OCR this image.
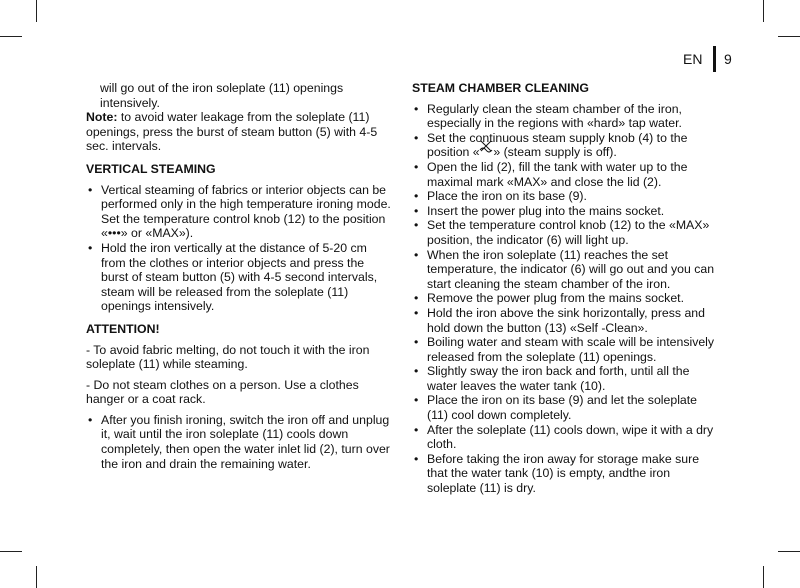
EN 9

will go out of the iron soleplate (11) openings intensively.

Note: to avoid water leakage from the soleplate (11) openings, press the burst of steam button (5) with 4-5 sec. intervals.

VERTICAL STEAMING

• Vertical steaming of fabrics or interior objects can be performed only in the high temperature ironing mode. Set the temperature control knob (12) to the position «•••» or «MAX»).
• Hold the iron vertically at the distance of 5-20 cm from the clothes or interior objects and press the burst of steam button (5) with 4-5 second intervals, steam will be released from the soleplate (11) openings intensively.

ATTENTION!

- To avoid fabric melting, do not touch it with the iron soleplate (11) while steaming.

- Do not steam clothes on a person. Use a clothes hanger or a coat rack.

• After you finish ironing, switch the iron off and unplug it, wait until the iron soleplate (11) cools down completely, then open the water inlet lid (2), turn over the iron and drain the remaining water.

STEAM CHAMBER CLEANING

• Regularly clean the steam chamber of the iron, especially in the regions with «hard» tap water.
• Set the continuous steam supply knob (4) to the position « » (steam supply is off).
• Open the lid (2), fill the tank with water up to the maximal mark «MAX» and close the lid (2).
• Place the iron on its base (9).
• Insert the power plug into the mains socket.
• Set the temperature control knob (12) to the «MAX» position, the indicator (6) will light up.
• When the iron soleplate (11) reaches the set temperature, the indicator (6) will go out and you can start cleaning the steam chamber of the iron.
• Remove the power plug from the mains socket.
• Hold the iron above the sink horizontally, press and hold down the button (13) «Self -Clean».
• Boiling water and steam with scale will be intensively released from the soleplate (11) openings.
• Slightly sway the iron back and forth, until all the water leaves the water tank (10).
• Place the iron on its base (9) and let the soleplate (11) cool down completely.
• After the soleplate (11) cools down, wipe it with a dry cloth.
• Before taking the iron away for storage make sure that the water tank (10) is empty, andthe iron soleplate (11) is dry.
